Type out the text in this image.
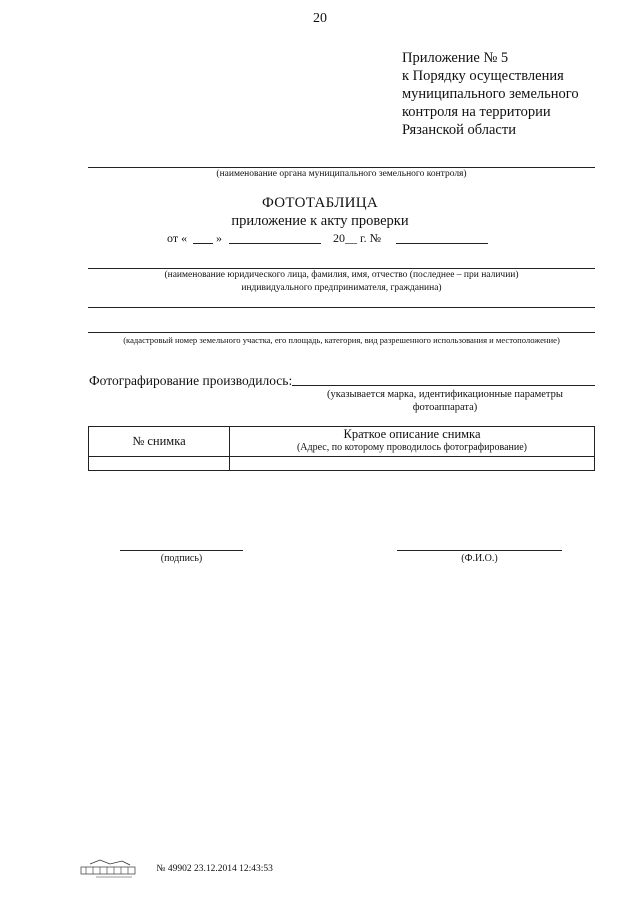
20
Приложение № 5
к Порядку осуществления
муниципального земельного
контроля на территории
Рязанской области
(наименование органа муниципального земельного контроля)
ФОТОТАБЛИЦА
приложение к акту проверки
от « »	20__ г. №
(наименование юридического лица, фамилия, имя, отчество (последнее – при наличии)
индивидуального предпринимателя, гражданина)
(кадастровый номер земельного участка, его площадь, категория, вид разрешенного использования и местоположение)
Фотографирование производилось:
(указывается марка, идентификационные параметры
фотоаппарата)
№ снимка	Краткое описание снимка
(Адрес, по которому проводилось фотографирование)

(подпись)	(Ф.И.О.)
№ 49902 23.12.2014 12:43:53
